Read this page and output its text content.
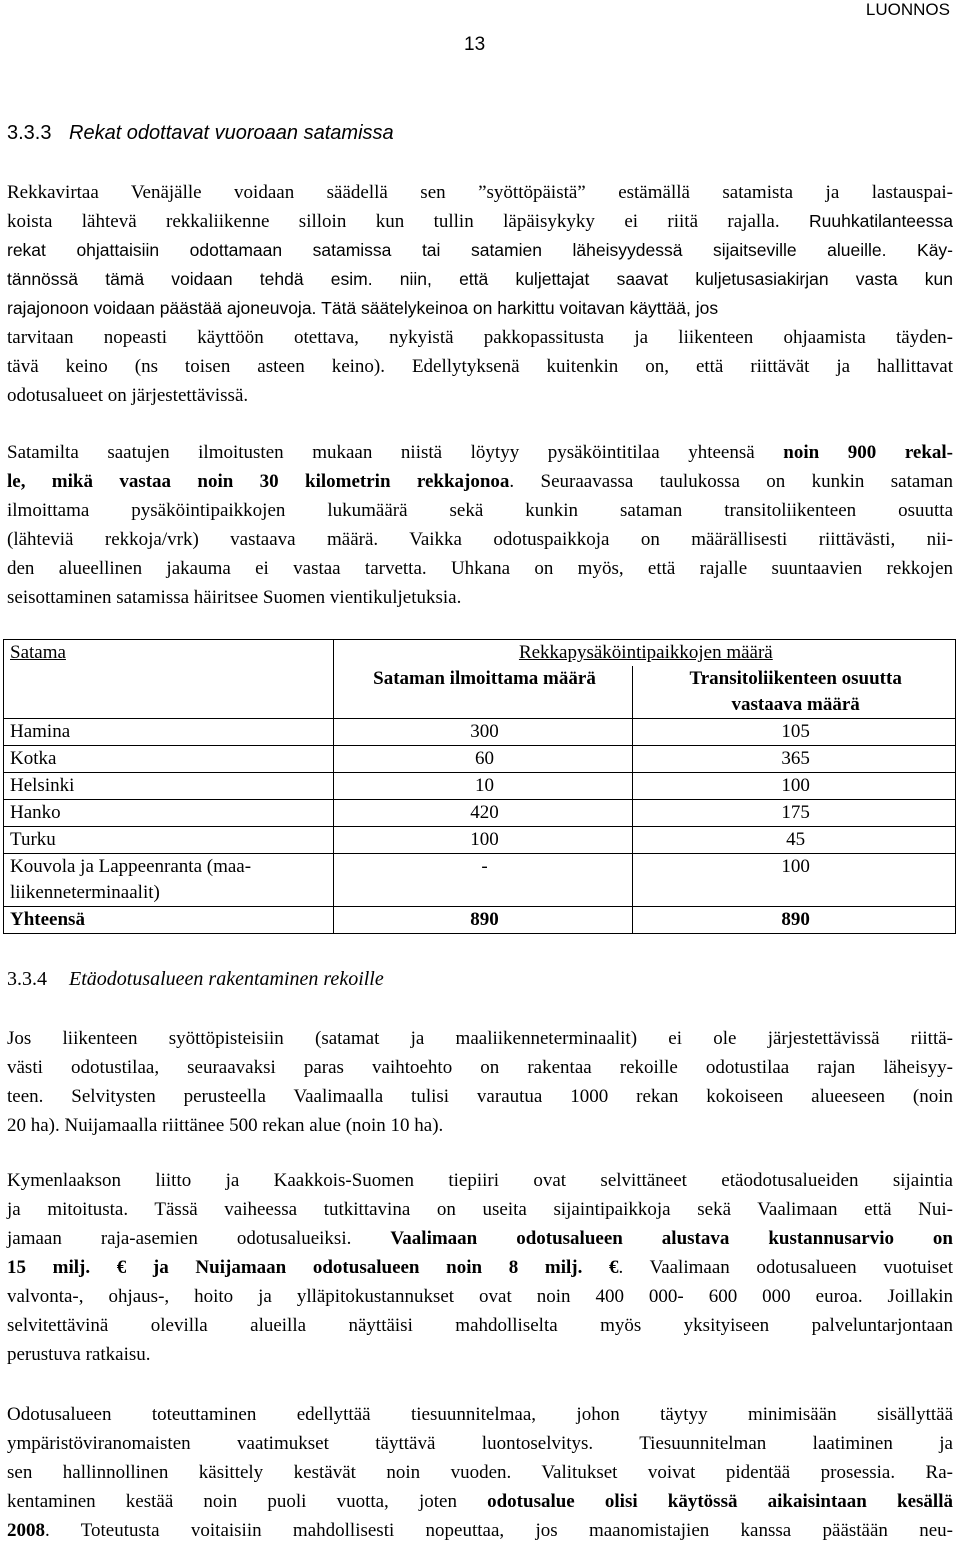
LUONNOS
13
3.3.3 Rekat odottavat vuoroaan satamissa
Rekkavirtaa Venäjälle voidaan säädellä sen ”syöttöpäistä” estämällä satamista ja lastauspai-
koista lähtevä rekkaliikenne silloin kun tullin läpäisykyky ei riitä rajalla. Ruuhkatilanteessa
rekat ohjattaisiin odottamaan satamissa tai satamien läheisyydessä sijaitseville alueille. Käy-
tännössä tämä voidaan tehdä esim. niin, että kuljettajat saavat kuljetusasiakirjan vasta kun
rajajonoon voidaan päästää ajoneuvoja. Tätä säätelykeinoa on harkittu voitavan käyttää, jos
tarvitaan nopeasti käyttöön otettava, nykyistä pakkopassitusta ja liikenteen ohjaamista täyden-
tävä keino (ns toisen asteen keino). Edellytyksenä kuitenkin on, että riittävät ja hallittavat
odotusalueet on järjestettävissä.
Satamilta saatujen ilmoitusten mukaan niistä löytyy pysäköintitilaa yhteensä noin 900 rekal-
le, mikä vastaa noin 30 kilometrin rekkajonoa. Seuraavassa taulukossa on kunkin sataman
ilmoittama pysäköintipaikkojen lukumäärä sekä kunkin sataman transitoliikenteen osuutta
(lähteviä rekkoja/vrk) vastaava määrä. Vaikka odotuspaikkoja on määrällisesti riittävästi, nii-
den alueellinen jakauma ei vastaa tarvetta. Uhkana on myös, että rajalle suuntaavien rekkojen
seisottaminen satamissa häiritsee Suomen vientikuljetuksia.
Satama	Rekkapysäköintipaikkojen määrä	
	Sataman ilmoittama määrä	Transitoliikenteen osuutta
vastaava määrä

Hamina	300	105
Kotka	60	365
Helsinki	10	100
Hanko	420	175
Turku	100	45

Kouvola ja Lappeenranta (maa-
liikenneterminaalit)	-	100
Yhteensä	890	890
3.3.4 Etäodotusalueen rakentaminen rekoille
Jos liikenteen syöttöpisteisiin (satamat ja maaliikenneterminaalit) ei ole järjestettävissä riittä-
västi odotustilaa, seuraavaksi paras vaihtoehto on rakentaa rekoille odotustilaa rajan läheisyy-
teen. Selvitysten perusteella Vaalimaalla tulisi varautua 1000 rekan kokoiseen alueeseen (noin
20 ha). Nuijamaalla riittänee 500 rekan alue (noin 10 ha).
Kymenlaakson liitto ja Kaakkois-Suomen tiepiiri ovat selvittäneet etäodotusalueiden sijaintia
ja mitoitusta. Tässä vaiheessa tutkittavina on useita sijaintipaikkoja sekä Vaalimaan että Nui-
jamaan raja-asemien odotusalueiksi. Vaalimaan odotusalueen alustava kustannusarvio on
15 milj. € ja Nuijamaan odotusalueen noin 8 milj. €. Vaalimaan odotusalueen vuotuiset
valvonta-, ohjaus-, hoito ja ylläpitokustannukset ovat noin 400 000- 600 000 euroa. Joillakin
selvitettävinä olevilla alueilla näyttäisi mahdolliselta myös yksityiseen palveluntarjontaan
perustuva ratkaisu.
Odotusalueen toteuttaminen edellyttää tiesuunnitelmaa, johon täytyy minimisään sisällyttää
ympäristöviranomaisten vaatimukset täyttävä luontoselvitys. Tiesuunnitelman laatiminen ja
sen hallinnollinen käsittely kestävät noin vuoden. Valitukset voivat pidentää prosessia. Ra-
kentaminen kestää noin puoli vuotta, joten odotusalue olisi käytössä aikaisintaan kesällä
2008. Toteutusta voitaisiin mahdollisesti nopeuttaa, jos maanomistajien kanssa päästään neu-
